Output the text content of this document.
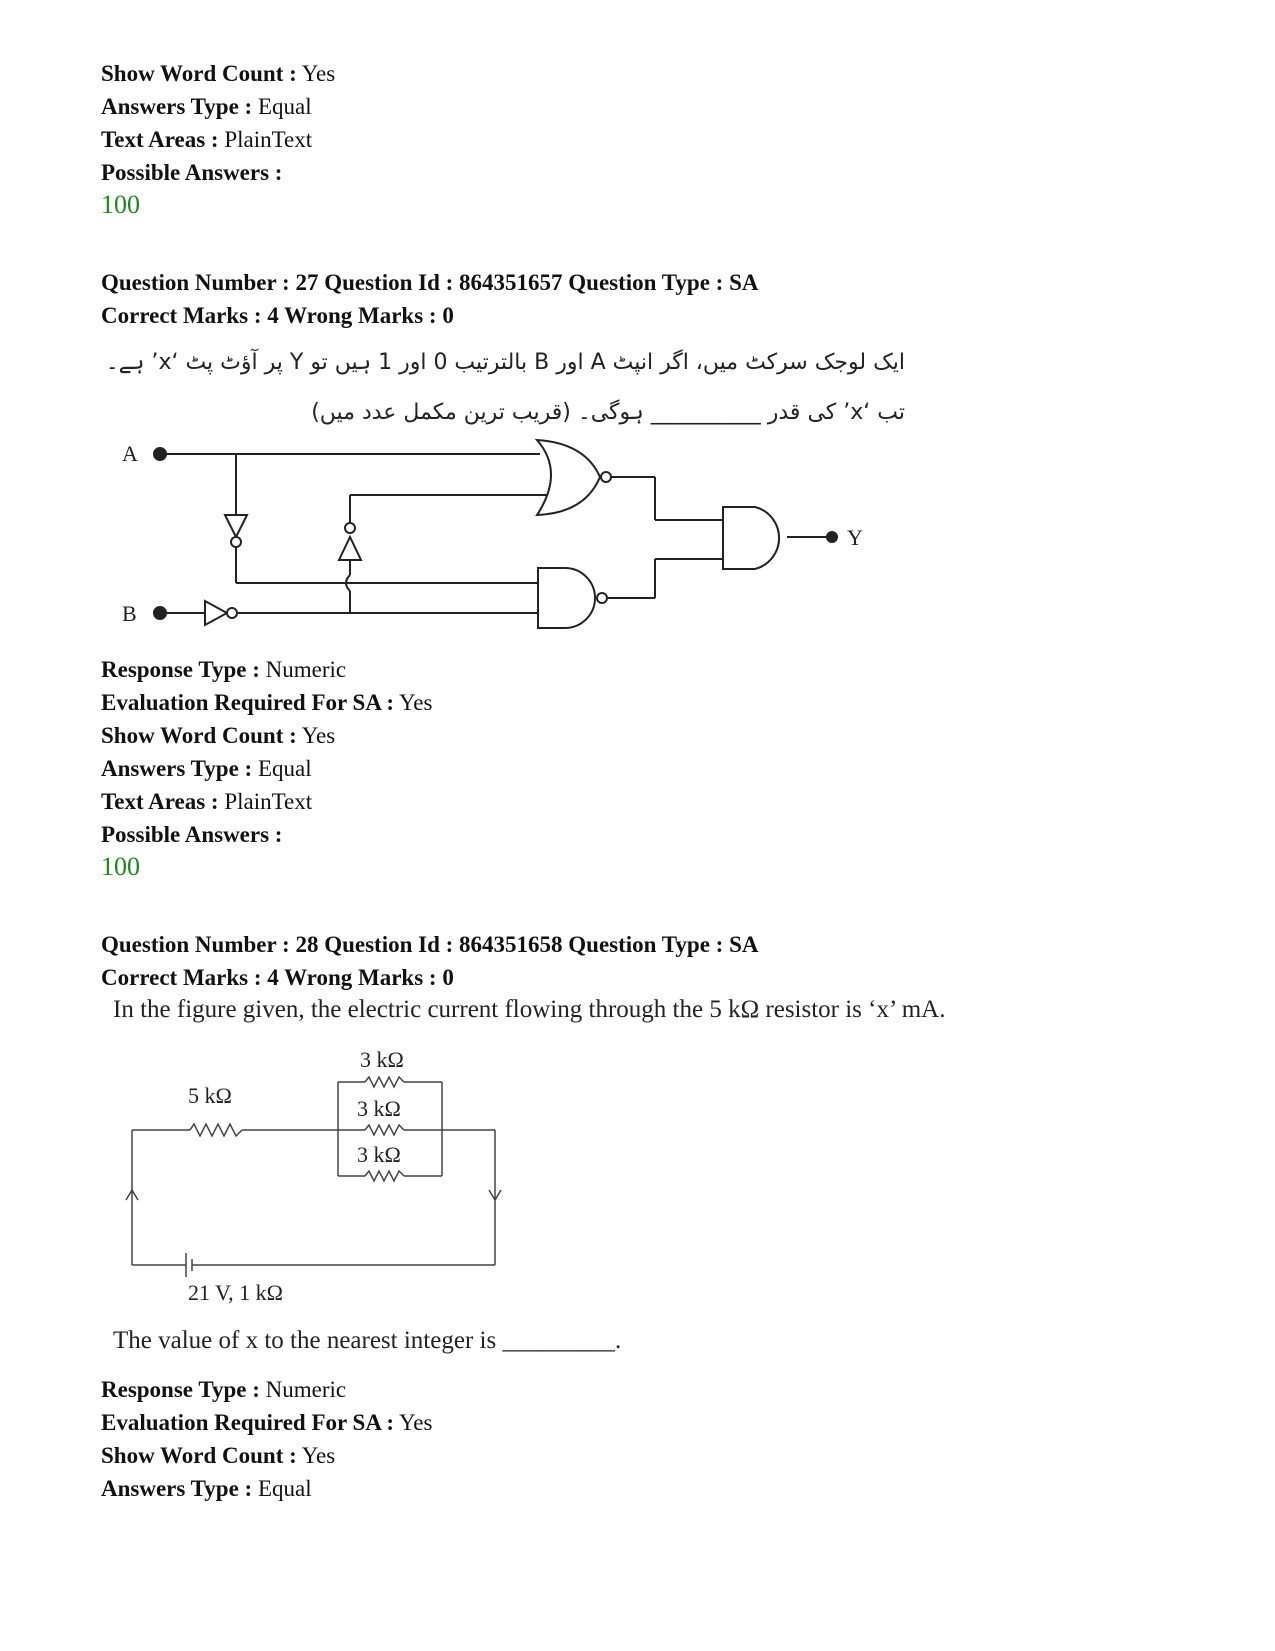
Show Word Count : Yes
Answers Type : Equal
Text Areas : PlainText
Possible Answers :
100
Question Number : 27 Question Id : 864351657 Question Type : SA
Correct Marks : 4 Wrong Marks : 0
ایک لوجک سرکٹ میں، اگر انپٹ A اور B بالترتیب 0 اور 1 ہیں تو Y پر آؤٹ پٹ ‘x’ ہے۔
تب ‘x’ کی قدر __________ ہوگی۔ (قریب ترین مکمل عدد میں)
A
B
Y
Response Type : Numeric
Evaluation Required For SA : Yes
Show Word Count : Yes
Answers Type : Equal
Text Areas : PlainText
Possible Answers :
100
Question Number : 28 Question Id : 864351658 Question Type : SA
Correct Marks : 4 Wrong Marks : 0
In the figure given, the electric current flowing through the 5 kΩ resistor is ‘x’ mA.
5 kΩ
3 kΩ
3 kΩ
3 kΩ
21 V, 1 kΩ
The value of x to the nearest integer is _________.
Response Type : Numeric
Evaluation Required For SA : Yes
Show Word Count : Yes
Answers Type : Equal
